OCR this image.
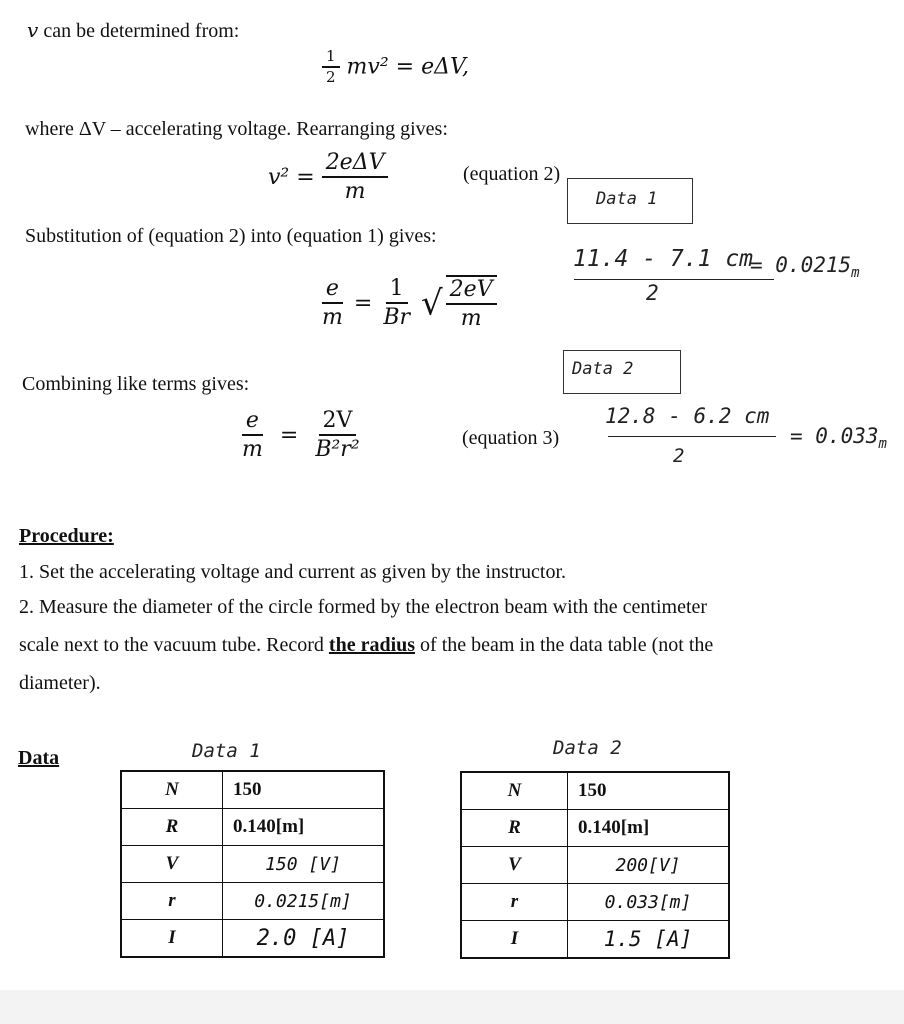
v can be determined from:
$\frac{1}{2} mv^2 = e\Delta V$,
where ΔV – accelerating voltage. Rearranging gives:
$v^2 = \frac{\text{2eΔV}}{m}$	(equation 2)
Substitution of (equation 2) into (equation 1) gives:
$\frac{e}{m} = \frac{1}{Br}$ √ $\frac{2eV}{m}$
Data 1
11.4 - 7.1 cm
2
= $0.0215_m$
Combining like terms gives:
Data 2
$\frac{e}{m} = \frac{2V}{\text{B²r²}}$	(equation 3)
12.8 - 6.2 cm
2
= $0.033_m$
Procedure:
1. Set the accelerating voltage and current as given by the instructor.
2. Measure the diameter of the circle formed by the electron beam with the centimeter
scale next to the vacuum tube. Record the radius of the beam in the data table (not the
diameter).
Data	Data 1
N	150
R	0.140[m]
V	150 [V]
r	0.0215[m]
I	2.0 [A]
Data 2
N	150
R	0.140[m]
V	200[V]
r	0.033[m]
I	1.5 [A]
